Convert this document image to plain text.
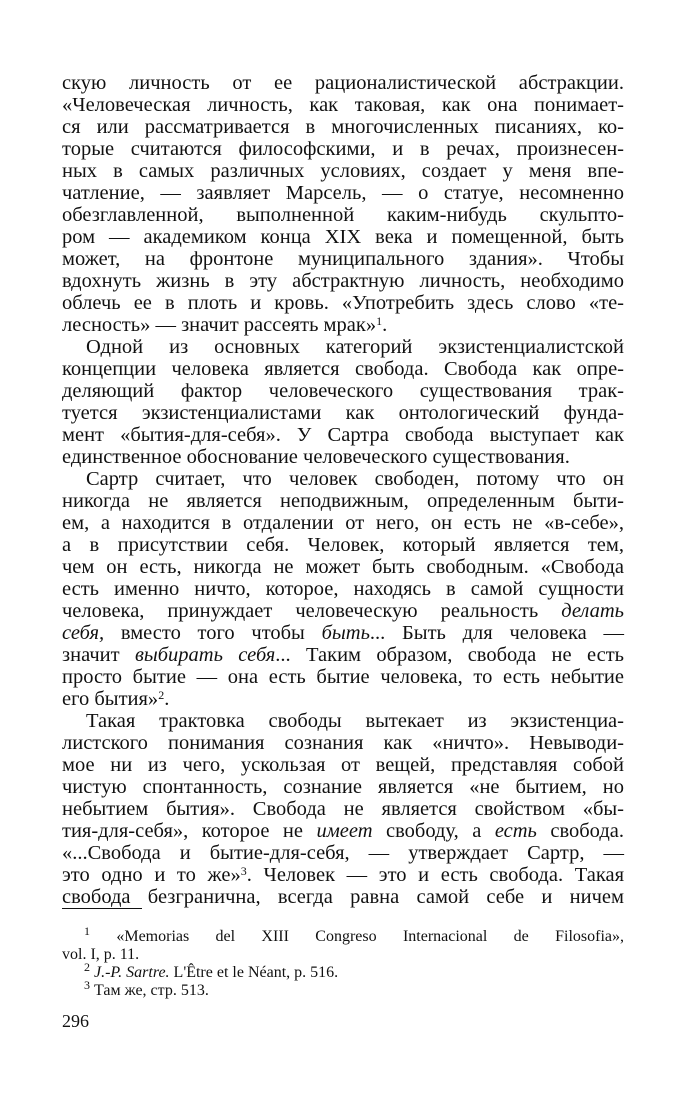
скую личность от ее рационалистической абстракции.
«Человеческая личность, как таковая, как она понимает-
ся или рассматривается в многочисленных писаниях, ко-
торые считаются философскими, и в речах, произнесен-
ных в самых различных условиях, создает у меня впе-
чатление, — заявляет Марсель, — о статуе, несомненно
обезглавленной, выполненной каким-нибудь скульпто-
ром — академиком конца XIX века и помещенной, быть
может, на фронтоне муниципального здания». Чтобы
вдохнуть жизнь в эту абстрактную личность, необходимо
облечь ее в плоть и кровь. «Употребить здесь слово «те-
лесность» — значит рассеять мрак»$^1$.
Одной из основных категорий экзистенциалистской
концепции человека является свобода. Свобода как опре-
деляющий фактор человеческого существования трак-
туется экзистенциалистами как онтологический фунда-
мент «бытия-для-себя». У Сартра свобода выступает как
единственное обоснование человеческого существования.
Сартр считает, что человек свободен, потому что он
никогда не является неподвижным, определенным быти-
ем, а находится в отдалении от него, он есть не «в-себе»,
а в присутствии себя. Человек, который является тем,
чем он есть, никогда не может быть свободным. «Свобода
есть именно ничто, которое, находясь в самой сущности
человека, принуждает человеческую реальность делать
себя, вместо того чтобы быть... Быть для человека —
значит выбирать себя... Таким образом, свобода не есть
просто бытие — она есть бытие человека, то есть небытие
его бытия»$^2$.
Такая трактовка свободы вытекает из экзистенциа-
листского понимания сознания как «ничто». Невыводи-
мое ни из чего, ускользая от вещей, представляя собой
чистую спонтанность, сознание является «не бытием, но
небытием бытия». Свобода не является свойством «бы-
тия-для-себя», которое не имеет свободу, а есть свобода.
«...Свобода и бытие-для-себя, — утверждает Сартр, —
это одно и то же»$^3$. Человек — это и есть свобода. Такая
свобода безгранична, всегда равна самой себе и ничем
$^1$ «Memorias del XIII Congreso Internacional de Filosofia»,
vol. I, p. 11.
$^2$ J.-P. Sartre. L'Être et le Néant, p. 516.
$^3$ Там же, стр. 513.
296
